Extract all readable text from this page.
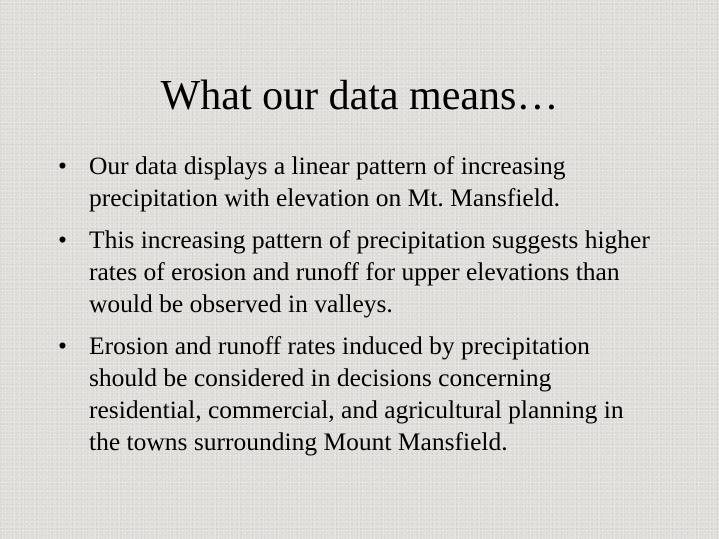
What our data means…
• Our data displays a linear pattern of increasing precipitation with elevation on Mt. Mansfield.
• This increasing pattern of precipitation suggests higher rates of erosion and runoff for upper elevations than would be observed in valleys.
• Erosion and runoff rates induced by precipitation should be considered in decisions concerning residential, commercial, and agricultural planning in the towns surrounding Mount Mansfield.
